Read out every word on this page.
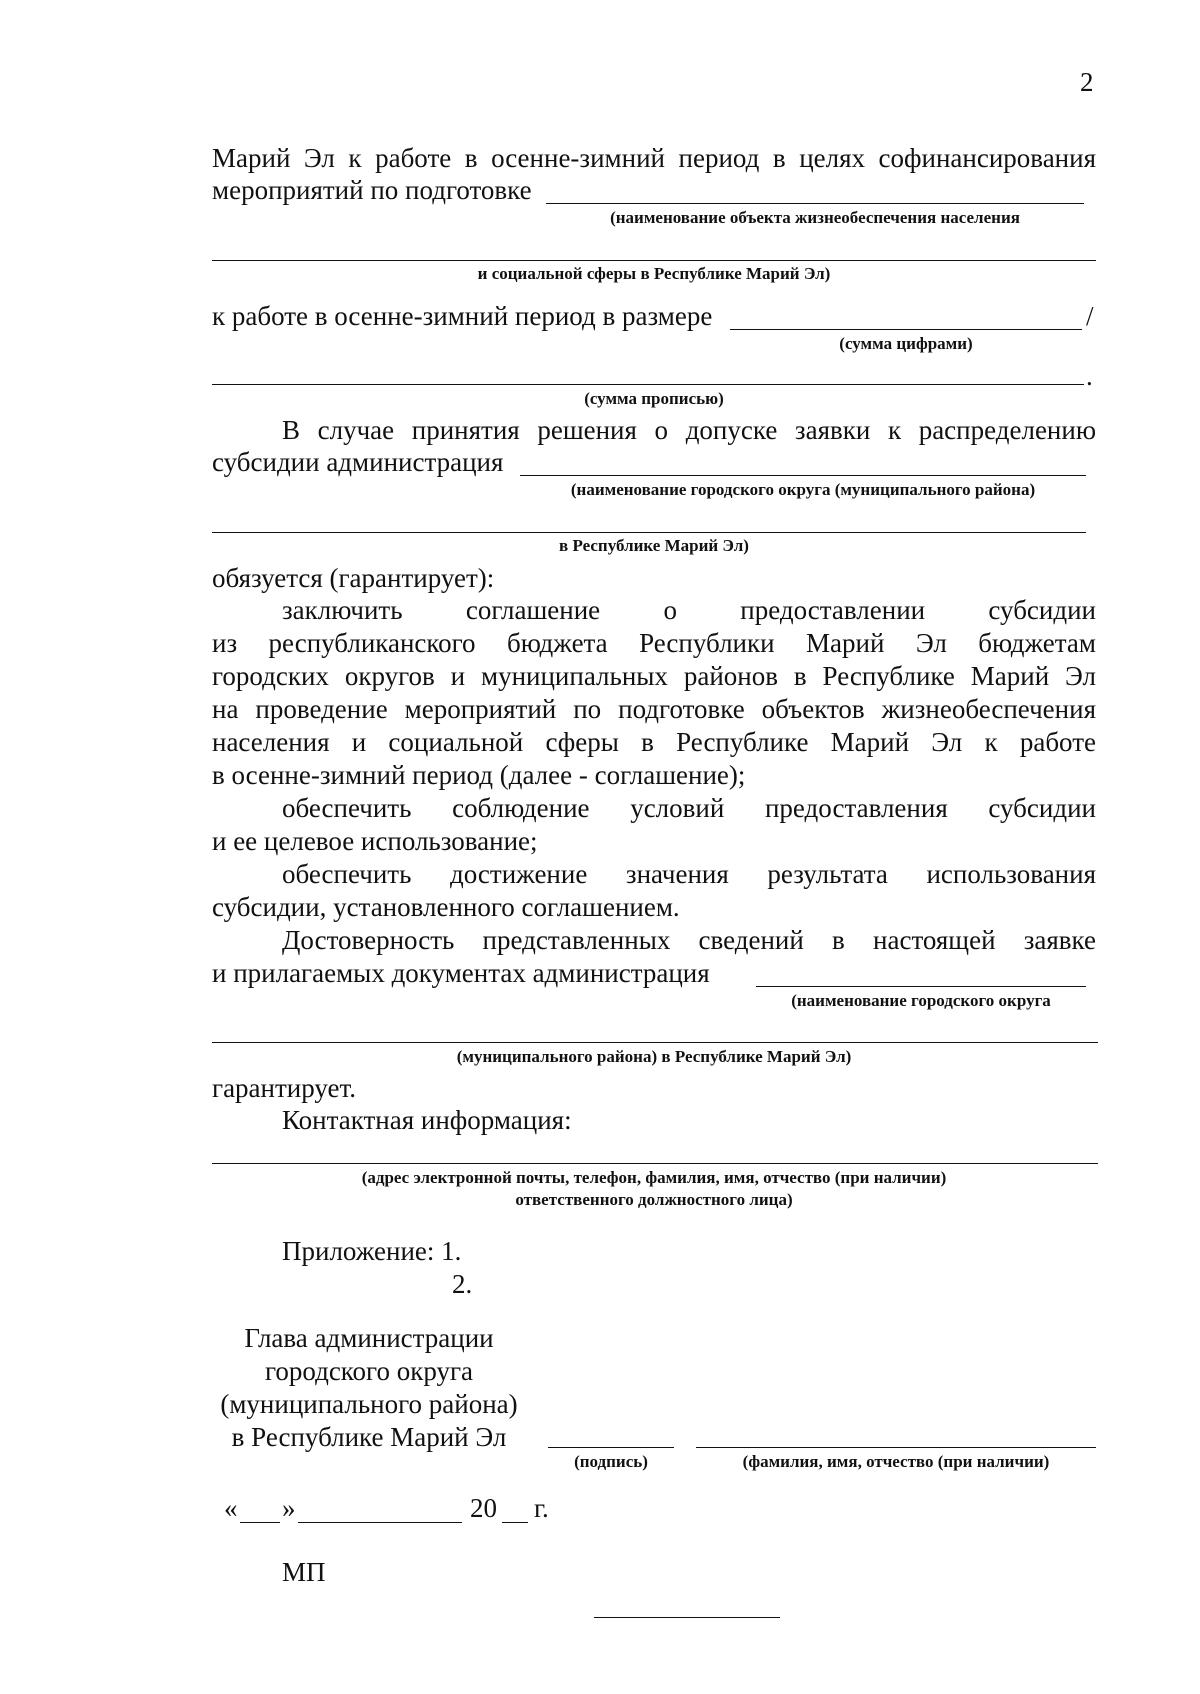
2
Марий Эл к работе в осенне-зимний период в целях софинансирования
мероприятий по подготовке
(наименование объекта жизнеобеспечения населения
и социальной сферы в Республике Марий Эл)
к работе в осенне-зимний период в размере	/
(сумма цифрами)
.
(сумма прописью)
В случае принятия решения о допуске заявки к распределению
субсидии администрация
(наименование городского округа (муниципального района)
в Республике Марий Эл)
обязуется (гарантирует):
заключить соглашение о предоставлении субсидии
из республиканского бюджета Республики Марий Эл бюджетам
городских округов и муниципальных районов в Республике Марий Эл
на проведение мероприятий по подготовке объектов жизнеобеспечения
населения и социальной сферы в Республике Марий Эл к работе
в осенне-зимний период (далее - соглашение);
обеспечить соблюдение условий предоставления субсидии
и ее целевое использование;
обеспечить достижение значения результата использования
субсидии, установленного соглашением.
Достоверность представленных сведений в настоящей заявке
и прилагаемых документах администрация
(наименование городского округа
(муниципального района) в Республике Марий Эл)
гарантирует.
Контактная информация:
(адрес электронной почты, телефон, фамилия, имя, отчество (при наличии)
ответственного должностного лица)
Приложение: 1.
2.
Глава администрации
городского округа
(муниципального района)
в Республике Марий Эл
(подпись)	(фамилия, имя, отчество (при наличии)
« »	20 г.
МП
